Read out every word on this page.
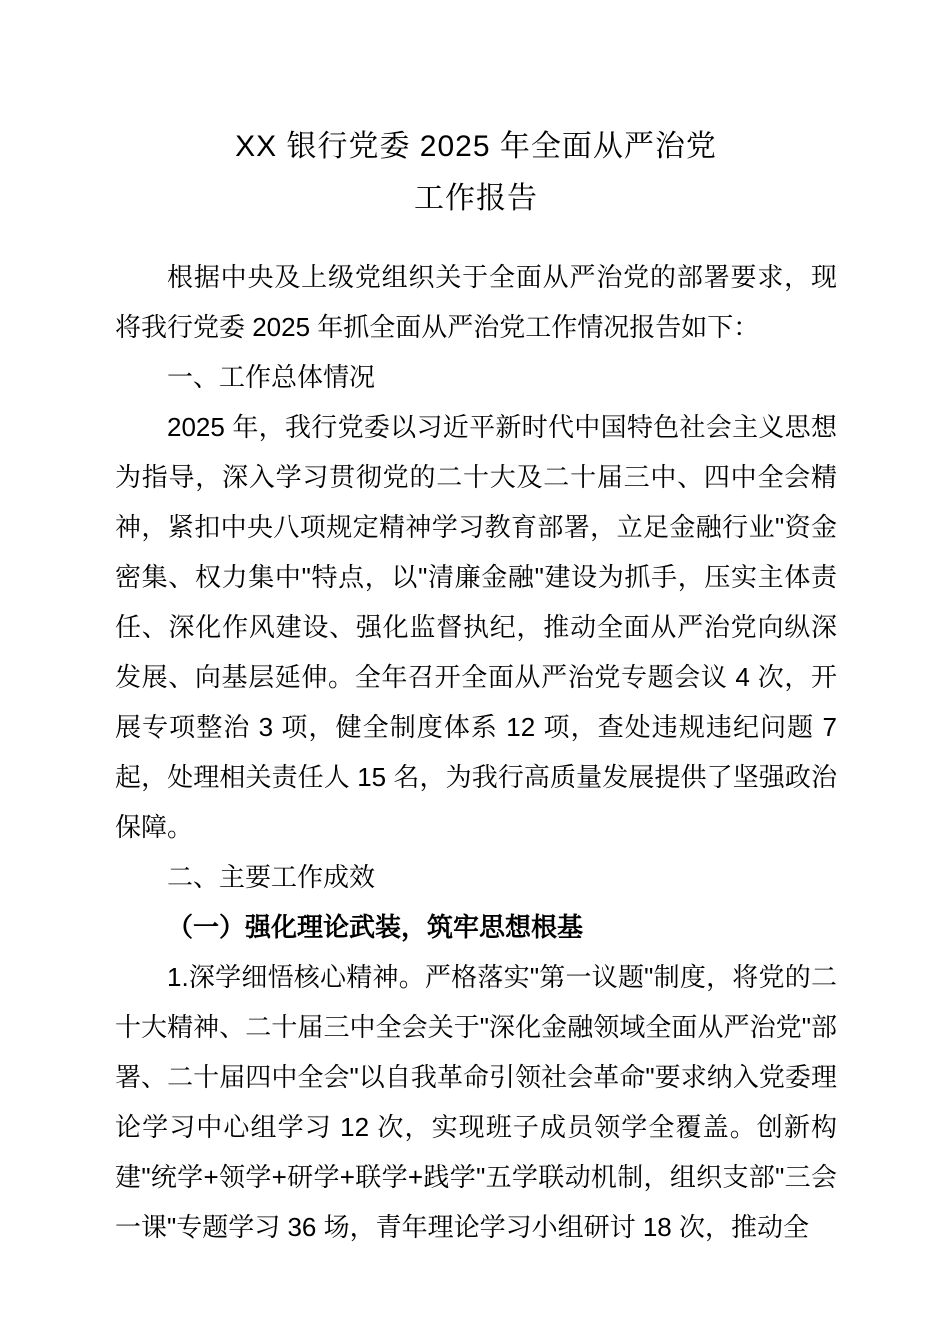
XX 银行党委 2025 年全面从严治党
工作报告

根据中央及上级党组织关于全面从严治党的部署要求，现将我行党委 2025 年抓全面从严治党工作情况报告如下：

一、工作总体情况

2025 年，我行党委以习近平新时代中国特色社会主义思想为指导，深入学习贯彻党的二十大及二十届三中、四中全会精神，紧扣中央八项规定精神学习教育部署，立足金融行业"资金密集、权力集中"特点，以"清廉金融"建设为抓手，压实主体责任、深化作风建设、强化监督执纪，推动全面从严治党向纵深发展、向基层延伸。全年召开全面从严治党专题会议 4 次，开展专项整治 3 项，健全制度体系 12 项，查处违规违纪问题 7 起，处理相关责任人 15 名，为我行高质量发展提供了坚强政治保障。

二、主要工作成效

（一）强化理论武装，筑牢思想根基

1.深学细悟核心精神。严格落实"第一议题"制度，将党的二十大精神、二十届三中全会关于"深化金融领域全面从严治党"部署、二十届四中全会"以自我革命引领社会革命"要求纳入党委理论学习中心组学习 12 次，实现班子成员领学全覆盖。创新构建"统学+领学+研学+联学+践学"五学联动机制，组织支部"三会一课"专题学习 36 场，青年理论学习小组研讨 18 次，推动全
